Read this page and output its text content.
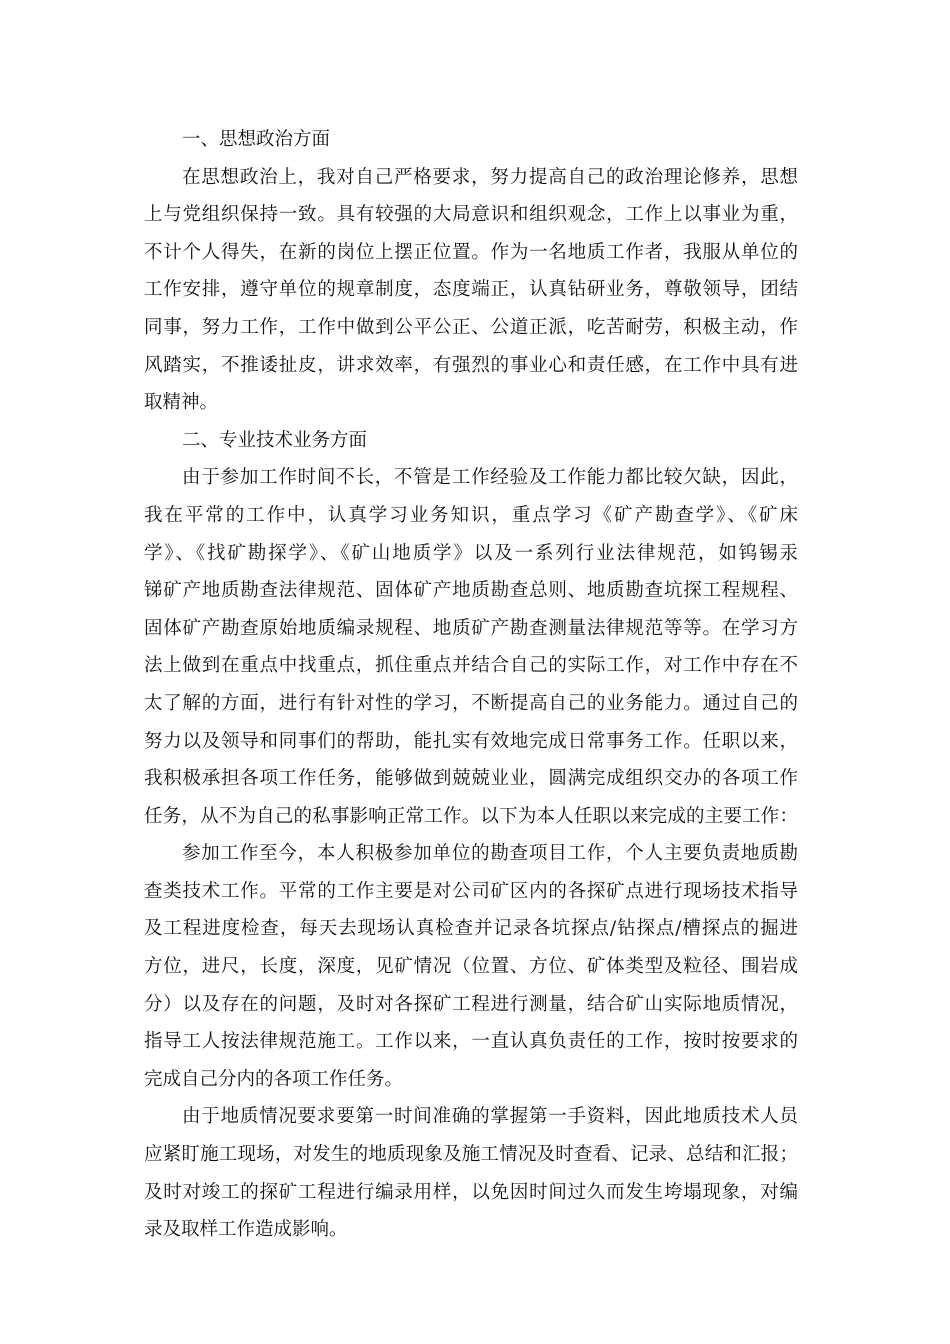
一、思想政治方面
在思想政治上，我对自己严格要求，努力提高自己的政治理论修养，思想
上与党组织保持一致。具有较强的大局意识和组织观念，工作上以事业为重，
不计个人得失，在新的岗位上摆正位置。作为一名地质工作者，我服从单位的
工作安排，遵守单位的规章制度，态度端正，认真钻研业务，尊敬领导，团结
同事，努力工作，工作中做到公平公正、公道正派，吃苦耐劳，积极主动，作
风踏实，不推诿扯皮，讲求效率，有强烈的事业心和责任感，在工作中具有进
取精神。
二、专业技术业务方面
由于参加工作时间不长，不管是工作经验及工作能力都比较欠缺，因此，
我在平常的工作中，认真学习业务知识，重点学习《矿产勘查学》、《矿床
学》、《找矿勘探学》、《矿山地质学》以及一系列行业法律规范，如钨锡汞
锑矿产地质勘查法律规范、固体矿产地质勘查总则、地质勘查坑探工程规程、
固体矿产勘查原始地质编录规程、地质矿产勘查测量法律规范等等。在学习方
法上做到在重点中找重点，抓住重点并结合自己的实际工作，对工作中存在不
太了解的方面，进行有针对性的学习，不断提高自己的业务能力。通过自己的
努力以及领导和同事们的帮助，能扎实有效地完成日常事务工作。任职以来，
我积极承担各项工作任务，能够做到兢兢业业，圆满完成组织交办的各项工作
任务，从不为自己的私事影响正常工作。以下为本人任职以来完成的主要工作：
参加工作至今，本人积极参加单位的勘查项目工作，个人主要负责地质勘
查类技术工作。平常的工作主要是对公司矿区内的各探矿点进行现场技术指导
及工程进度检查，每天去现场认真检查并记录各坑探点/钻探点/槽探点的掘进
方位，进尺，长度，深度，见矿情况（位置、方位、矿体类型及粒径、围岩成
分）以及存在的问题，及时对各探矿工程进行测量，结合矿山实际地质情况，
指导工人按法律规范施工。工作以来，一直认真负责任的工作，按时按要求的
完成自己分内的各项工作任务。
由于地质情况要求要第一时间准确的掌握第一手资料，因此地质技术人员
应紧盯施工现场，对发生的地质现象及施工情况及时查看、记录、总结和汇报；
及时对竣工的探矿工程进行编录用样，以免因时间过久而发生垮塌现象，对编
录及取样工作造成影响。
